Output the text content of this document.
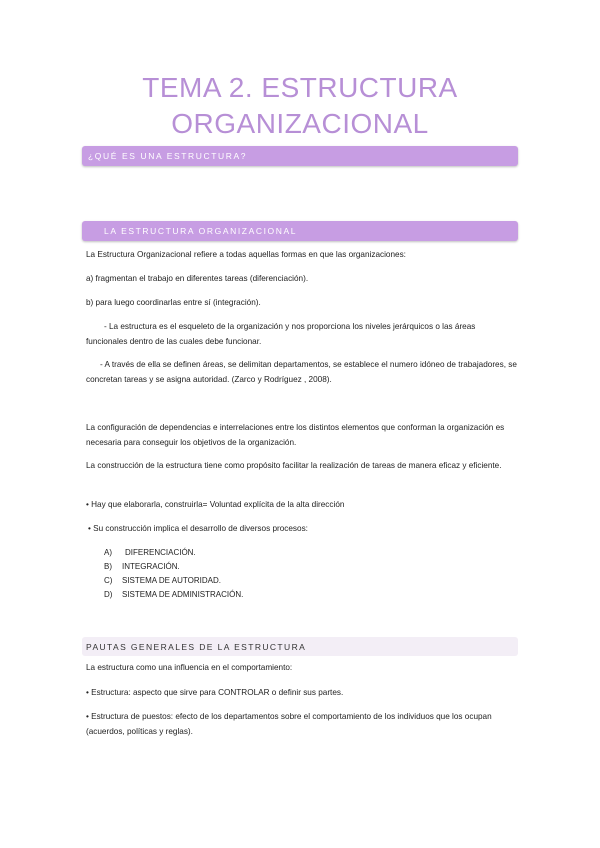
TEMA 2. ESTRUCTURA
ORGANIZACIONAL
¿QUÉ ES UNA ESTRUCTURA?
LA ESTRUCTURA ORGANIZACIONAL
La Estructura Organizacional refiere a todas aquellas formas en que las organizaciones:
a) fragmentan el trabajo en diferentes tareas (diferenciación).
b) para luego coordinarlas entre sí (integración).
- La estructura es el esqueleto de la organización y nos proporciona los niveles jerárquicos o las áreas funcionales dentro de las cuales debe funcionar.
- A través de ella se definen áreas, se delimitan departamentos, se establece el numero idóneo de trabajadores, se concretan tareas y se asigna autoridad. (Zarco y Rodríguez , 2008).
La configuración de dependencias e interrelaciones entre los distintos elementos que conforman la organización es necesaria para conseguir los objetivos de la organización.
La construcción de la estructura tiene como propósito facilitar la realización de tareas de manera eficaz y eficiente.
• Hay que elaborarla, construirla= Voluntad explícita de la alta dirección
• Su construcción implica el desarrollo de diversos procesos:
A)	DIFERENCIACIÓN.
B)	INTEGRACIÓN.
C)	SISTEMA DE AUTORIDAD.
D)	SISTEMA DE ADMINISTRACIÓN.
PAUTAS GENERALES DE LA ESTRUCTURA
La estructura como una influencia en el comportamiento:
• Estructura: aspecto que sirve para CONTROLAR o definir sus partes.
• Estructura de puestos: efecto de los departamentos sobre el comportamiento de los individuos que los ocupan (acuerdos, políticas y reglas).
